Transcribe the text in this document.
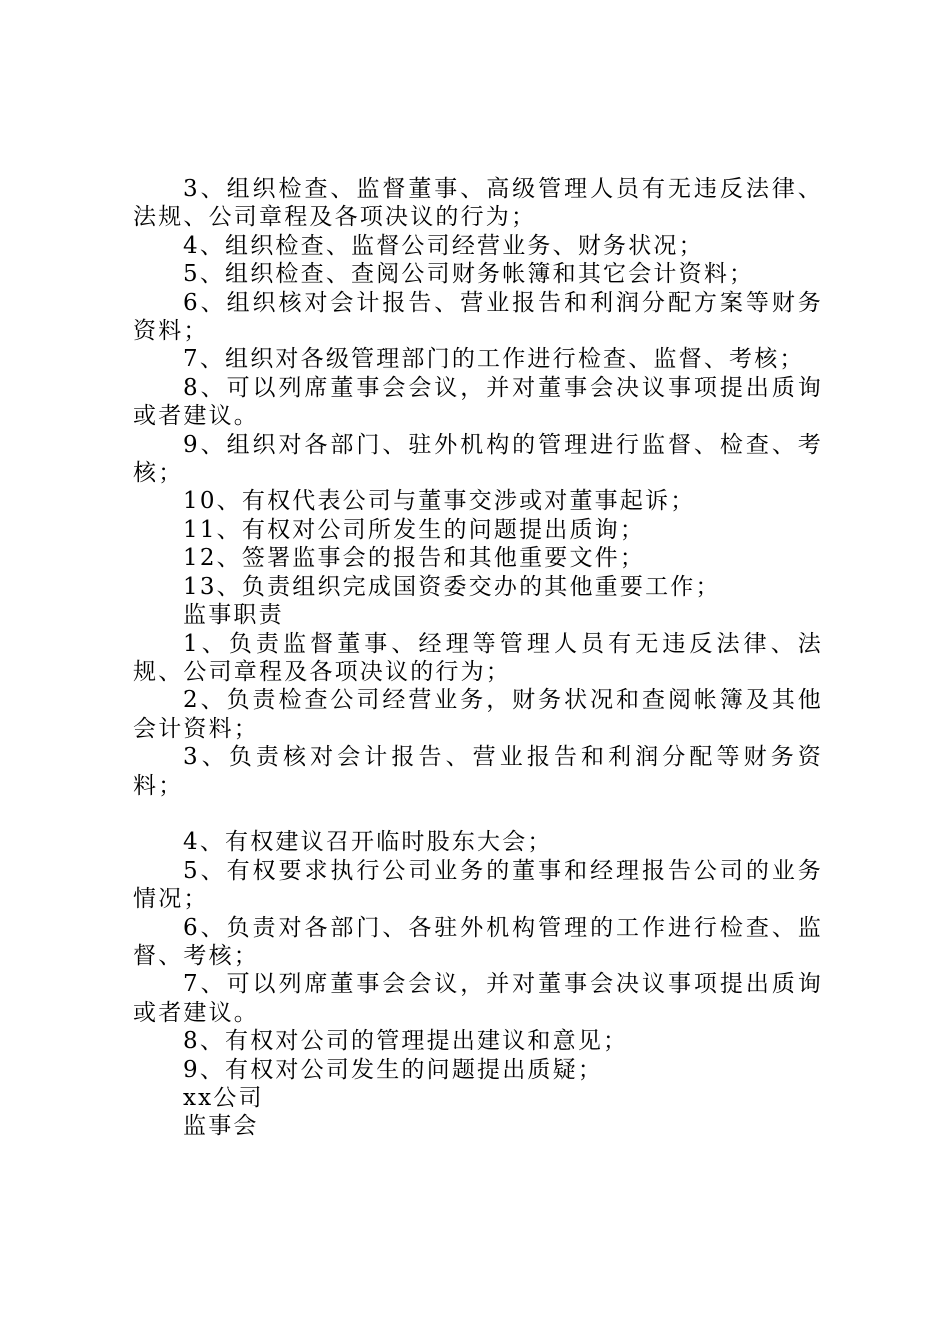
3、组织检查、监督董事、高级管理人员有无违反法律、法规、公司章程及各项决议的行为；

4、组织检查、监督公司经营业务、财务状况；

5、组织检查、查阅公司财务帐簿和其它会计资料；

6、组织核对会计报告、营业报告和利润分配方案等财务资料；

7、组织对各级管理部门的工作进行检查、监督、考核；

8、可以列席董事会会议，并对董事会决议事项提出质询或者建议。

9、组织对各部门、驻外机构的管理进行监督、检查、考核；

10、有权代表公司与董事交涉或对董事起诉；

11、有权对公司所发生的问题提出质询；

12、签署监事会的报告和其他重要文件；

13、负责组织完成国资委交办的其他重要工作；

监事职责

1、负责监督董事、经理等管理人员有无违反法律、法规、公司章程及各项决议的行为；

2、负责检查公司经营业务，财务状况和查阅帐簿及其他会计资料；

3、负责核对会计报告、营业报告和利润分配等财务资料；

4、有权建议召开临时股东大会；

5、有权要求执行公司业务的董事和经理报告公司的业务情况；

6、负责对各部门、各驻外机构管理的工作进行检查、监督、考核；

7、可以列席董事会会议，并对董事会决议事项提出质询或者建议。

8、有权对公司的管理提出建议和意见；

9、有权对公司发生的问题提出质疑；

xx公司

监事会
